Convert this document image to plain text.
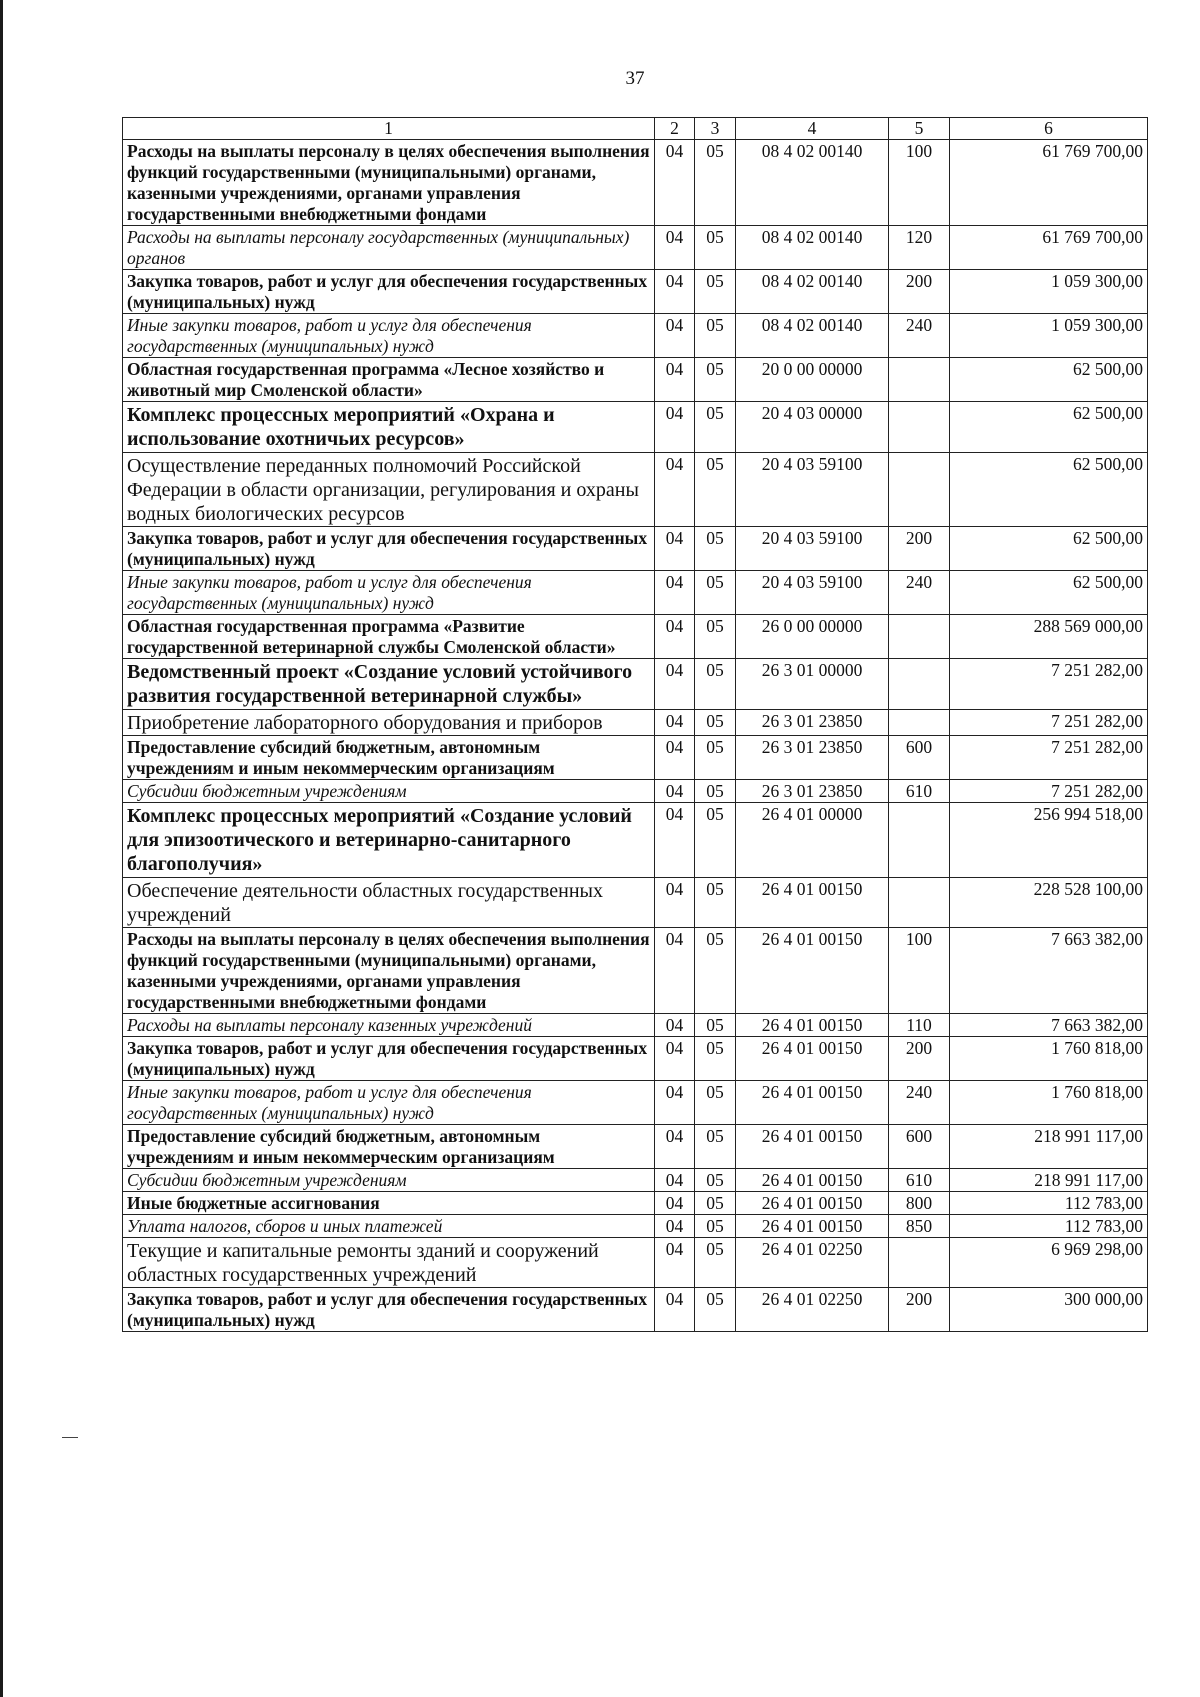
37
1	2	3	4	5	6
Расходы на выплаты персоналу в целях обеспечения выполнения функций государственными (муниципальными) органами, казенными учреждениями, органами управления государственными внебюджетными фондами	04	05	08 4 02 00140	100	61 769 700,00
Расходы на выплаты персоналу государственных (муниципальных) органов	04	05	08 4 02 00140	120	61 769 700,00
Закупка товаров, работ и услуг для обеспечения государственных (муниципальных) нужд	04	05	08 4 02 00140	200	1 059 300,00
Иные закупки товаров, работ и услуг для обеспечения государственных (муниципальных) нужд	04	05	08 4 02 00140	240	1 059 300,00
Областная государственная программа «Лесное хозяйство и животный мир Смоленской области»	04	05	20 0 00 00000		62 500,00
Комплекс процессных мероприятий «Охрана и использование охотничьих ресурсов»	04	05	20 4 03 00000		62 500,00
Осуществление переданных полномочий Российской Федерации в области организации, регулирования и охраны водных биологических ресурсов	04	05	20 4 03 59100		62 500,00
Закупка товаров, работ и услуг для обеспечения государственных (муниципальных) нужд	04	05	20 4 03 59100	200	62 500,00
Иные закупки товаров, работ и услуг для обеспечения государственных (муниципальных) нужд	04	05	20 4 03 59100	240	62 500,00
Областная государственная программа «Развитие государственной ветеринарной службы Смоленской области»	04	05	26 0 00 00000		288 569 000,00
Ведомственный проект «Создание условий устойчивого развития государственной ветеринарной службы»	04	05	26 3 01 00000		7 251 282,00
Приобретение лабораторного оборудования и приборов	04	05	26 3 01 23850		7 251 282,00
Предоставление субсидий бюджетным, автономным учреждениям и иным некоммерческим организациям	04	05	26 3 01 23850	600	7 251 282,00
Субсидии бюджетным учреждениям	04	05	26 3 01 23850	610	7 251 282,00
Комплекс процессных мероприятий «Создание условий для эпизоотического и ветеринарно-санитарного благополучия»	04	05	26 4 01 00000		256 994 518,00
Обеспечение деятельности областных государственных учреждений	04	05	26 4 01 00150		228 528 100,00
Расходы на выплаты персоналу в целях обеспечения выполнения функций государственными (муниципальными) органами, казенными учреждениями, органами управления государственными внебюджетными фондами	04	05	26 4 01 00150	100	7 663 382,00
Расходы на выплаты персоналу казенных учреждений	04	05	26 4 01 00150	110	7 663 382,00
Закупка товаров, работ и услуг для обеспечения государственных (муниципальных) нужд	04	05	26 4 01 00150	200	1 760 818,00
Иные закупки товаров, работ и услуг для обеспечения государственных (муниципальных) нужд	04	05	26 4 01 00150	240	1 760 818,00
Предоставление субсидий бюджетным, автономным учреждениям и иным некоммерческим организациям	04	05	26 4 01 00150	600	218 991 117,00
Субсидии бюджетным учреждениям	04	05	26 4 01 00150	610	218 991 117,00
Иные бюджетные ассигнования	04	05	26 4 01 00150	800	112 783,00
Уплата налогов, сборов и иных платежей	04	05	26 4 01 00150	850	112 783,00
Текущие и капитальные ремонты зданий и сооружений областных государственных учреждений	04	05	26 4 01 02250		6 969 298,00
Закупка товаров, работ и услуг для обеспечения государственных (муниципальных) нужд	04	05	26 4 01 02250	200	300 000,00
